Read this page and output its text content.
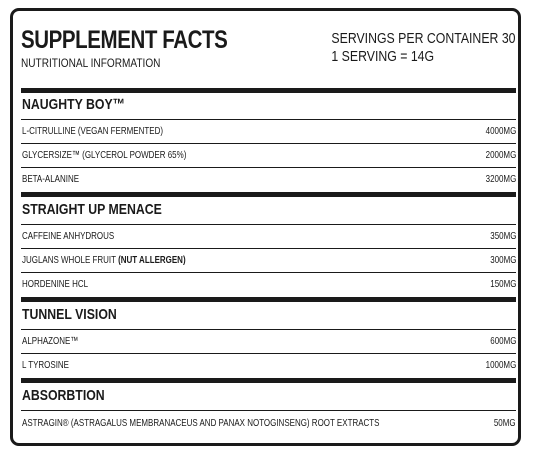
SUPPLEMENT FACTS
NUTRITIONAL INFORMATION
SERVINGS PER CONTAINER 30
1 SERVING = 14G
NAUGHTY BOY™
L-CITRULLINE (VEGAN FERMENTED)	4000MG
GLYCERSIZE™ (GLYCEROL POWDER 65%)	2000MG
BETA-ALANINE	3200MG
STRAIGHT UP MENACE
CAFFEINE ANHYDROUS	350MG
JUGLANS WHOLE FRUIT (NUT ALLERGEN)	300MG
HORDENINE HCL	150MG
TUNNEL VISION
ALPHAZONE™	600MG
L TYROSINE	1000MG
ABSORBTION
ASTRAGIN® (ASTRAGALUS MEMBRANACEUS AND PANAX NOTOGINSENG) ROOT EXTRACTS	50MG
